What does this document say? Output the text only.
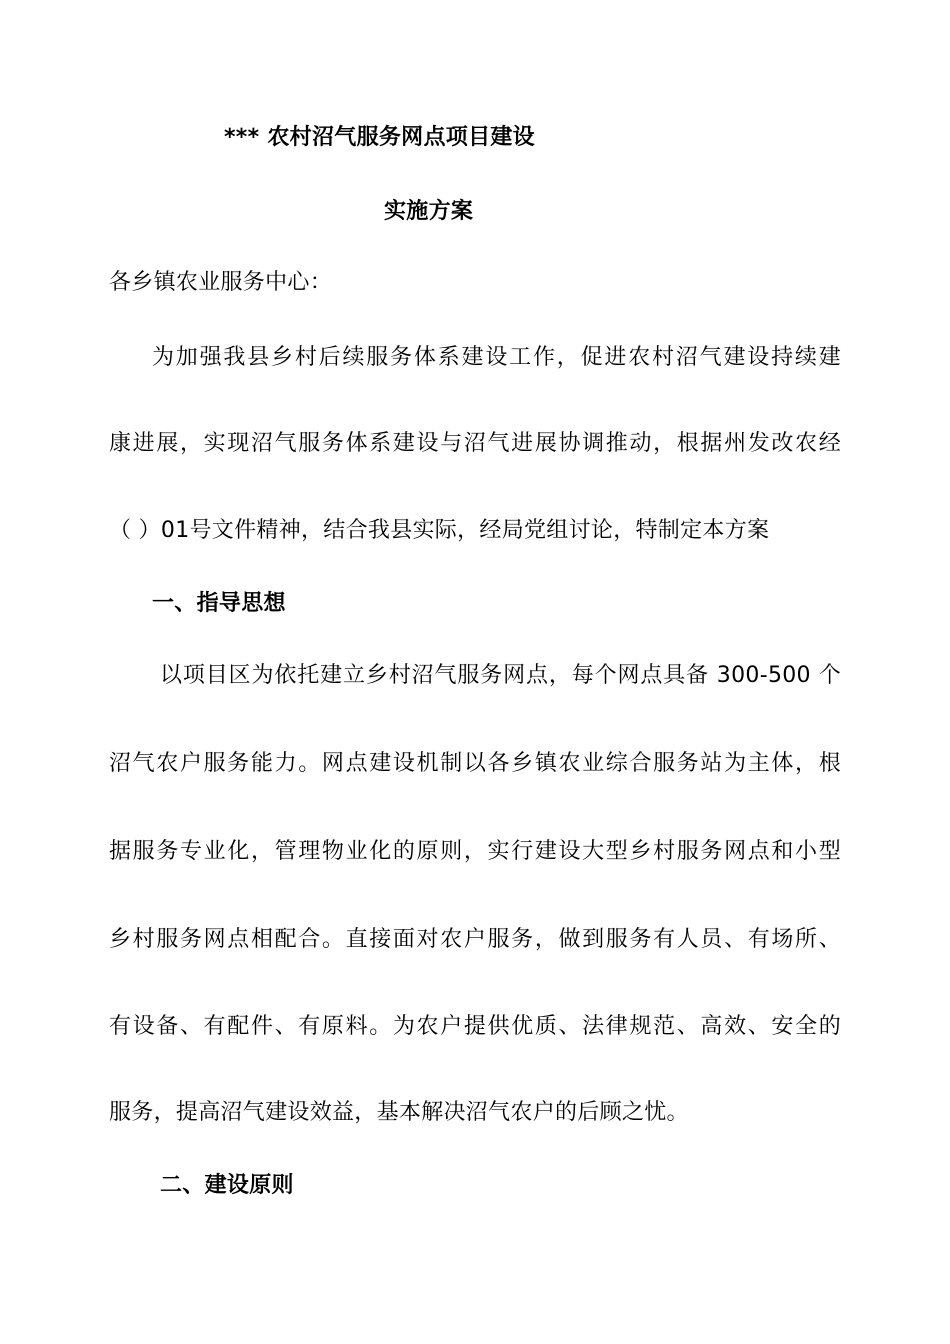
*** 农村沼气服务网点项目建设
实施方案
各乡镇农业服务中心：
为加强我县乡村后续服务体系建设工作，促进农村沼气建设持续建
康进展，实现沼气服务体系建设与沼气进展协调推动，根据州发改农经
（ ）01号文件精神，结合我县实际，经局党组讨论，特制定本方案
一、指导思想
以项目区为依托建立乡村沼气服务网点，每个网点具备 300-500 个
沼气农户服务能力。网点建设机制以各乡镇农业综合服务站为主体，根
据服务专业化，管理物业化的原则，实行建设大型乡村服务网点和小型
乡村服务网点相配合。直接面对农户服务，做到服务有人员、有场所、
有设备、有配件、有原料。为农户提供优质、法律规范、高效、安全的
服务，提高沼气建设效益，基本解决沼气农户的后顾之忧。
二、建设原则
